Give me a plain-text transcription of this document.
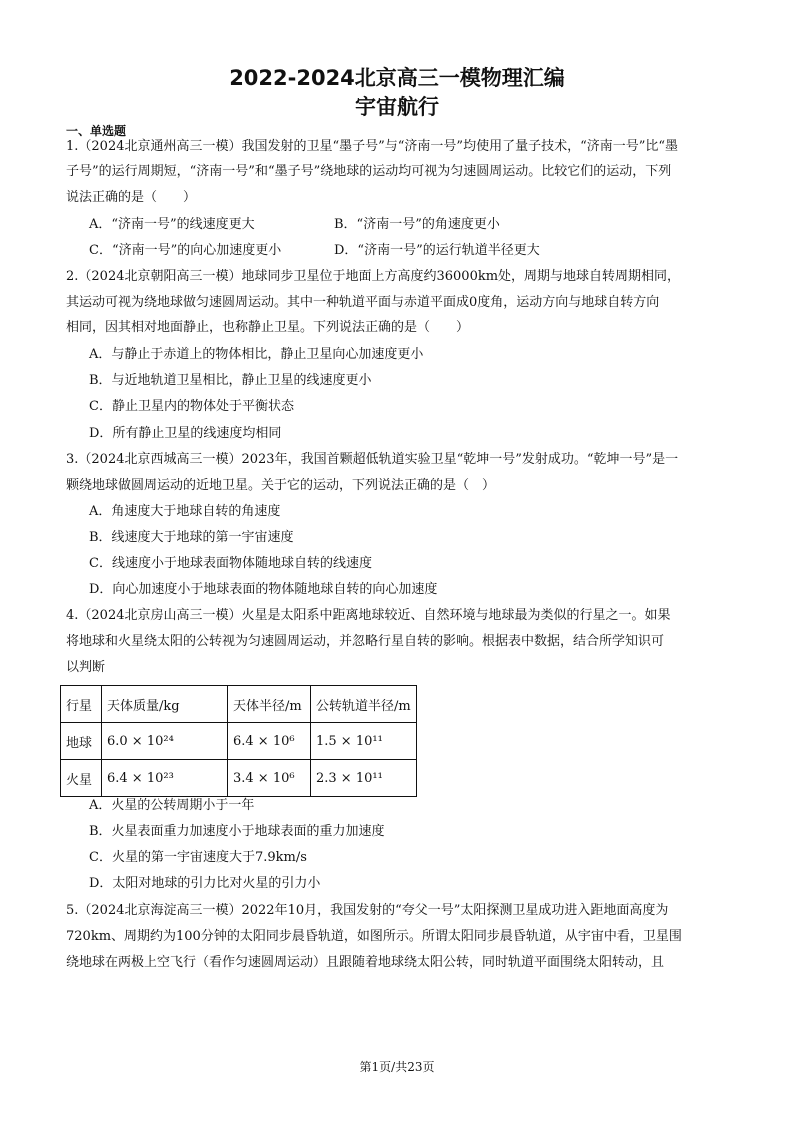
2022-2024北京高三一模物理汇编
宇宙航行
一、单选题
1.（2024北京通州高三一模）我国发射的卫星“墨子号”与“济南一号”均使用了量子技术，“济南一号”比“墨
子号”的运行周期短，“济南一号”和“墨子号”绕地球的运动均可视为匀速圆周运动。比较它们的运动，下列
说法正确的是（　　）
A．“济南一号”的线速度更大	B．“济南一号”的角速度更小
C．“济南一号”的向心加速度更小	D．“济南一号”的运行轨道半径更大
2.（2024北京朝阳高三一模）地球同步卫星位于地面上方高度约36000km处，周期与地球自转周期相同，
其运动可视为绕地球做匀速圆周运动。其中一种轨道平面与赤道平面成0度角，运动方向与地球自转方向
相同，因其相对地面静止，也称静止卫星。下列说法正确的是（　　）
A．与静止于赤道上的物体相比，静止卫星向心加速度更小
B．与近地轨道卫星相比，静止卫星的线速度更小
C．静止卫星内的物体处于平衡状态
D．所有静止卫星的线速度均相同
3.（2024北京西城高三一模）2023年，我国首颗超低轨道实验卫星“乾坤一号”发射成功。“乾坤一号”是一
颗绕地球做圆周运动的近地卫星。关于它的运动，下列说法正确的是（　）
A．角速度大于地球自转的角速度
B．线速度大于地球的第一宇宙速度
C．线速度小于地球表面物体随地球自转的线速度
D．向心加速度小于地球表面的物体随地球自转的向心加速度
4.（2024北京房山高三一模）火星是太阳系中距离地球较近、自然环境与地球最为类似的行星之一。如果
将地球和火星绕太阳的公转视为匀速圆周运动，并忽略行星自转的影响。根据表中数据，结合所学知识可
以判断
行星	天体质量/kg	天体半径/m	公转轨道半径/m
地球	6.0 × 10²⁴	6.4 × 10⁶	1.5 × 10¹¹
火星	6.4 × 10²³	3.4 × 10⁶	2.3 × 10¹¹
A．火星的公转周期小于一年
B．火星表面重力加速度小于地球表面的重力加速度
C．火星的第一宇宙速度大于7.9km/s
D．太阳对地球的引力比对火星的引力小
5.（2024北京海淀高三一模）2022年10月，我国发射的“夸父一号”太阳探测卫星成功进入距地面高度为
720km、周期约为100分钟的太阳同步晨昏轨道，如图所示。所谓太阳同步晨昏轨道，从宇宙中看，卫星围
绕地球在两极上空飞行（看作匀速圆周运动）且跟随着地球绕太阳公转，同时轨道平面围绕太阳转动，且
第1页/共23页
